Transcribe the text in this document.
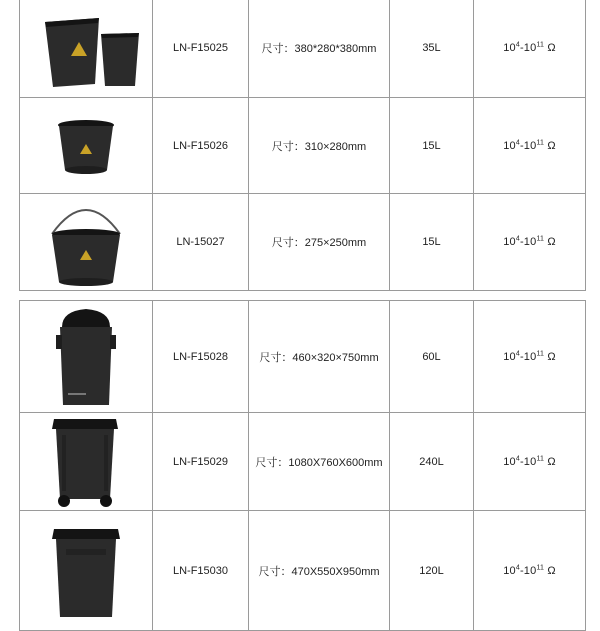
	LN-F15025	尺寸：380*280*380mm	35L	$10^4-10^{11}$ Ω

	LN-F15026	尺寸：310×280mm	15L	$10^4-10^{11}$ Ω

	LN-15027	尺寸：275×250mm	15L	$10^4-10^{11}$ Ω
	LN-F15028	尺寸：460×320×750mm	60L	$10^4-10^{11}$ Ω

	LN-F15029	尺寸：1080X760X600mm	240L	$10^4-10^{11}$ Ω

	LN-F15030	尺寸：470X550X950mm	120L	$10^4-10^{11}$ Ω
